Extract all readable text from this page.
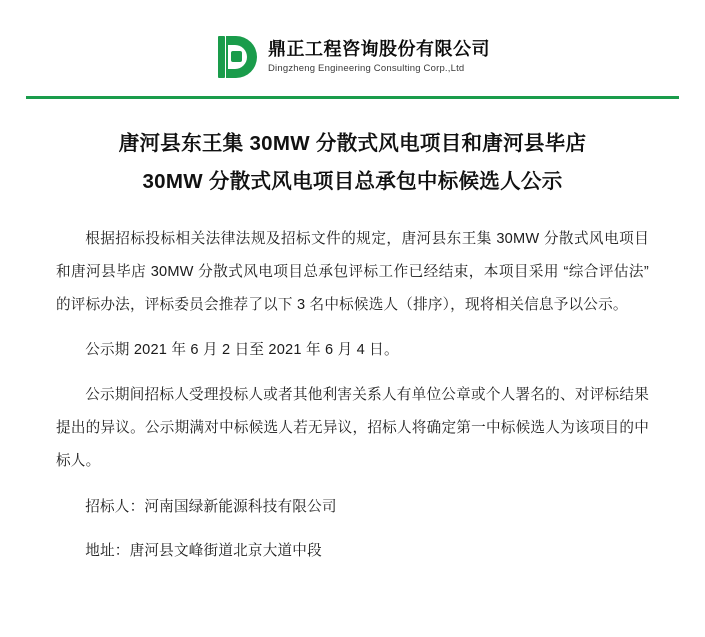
鼎正工程咨询股份有限公司
Dingzheng Engineering Consulting Corp.,Ltd
唐河县东王集 30MW 分散式风电项目和唐河县毕店
30MW 分散式风电项目总承包中标候选人公示

根据招标投标相关法律法规及招标文件的规定，唐河县东王集 30MW 分散式风电项目和唐河县毕店 30MW 分散式风电项目总承包评标工作已经结束，本项目采用 “综合评估法” 的评标办法，评标委员会推荐了以下 3 名中标候选人（排序），现将相关信息予以公示。

公示期 2021 年 6 月 2 日至 2021 年 6 月 4 日。

公示期间招标人受理投标人或者其他利害关系人有单位公章或个人署名的、对评标结果提出的异议。公示期满对中标候选人若无异议，招标人将确定第一中标候选人为该项目的中标人。

招标人：河南国绿新能源科技有限公司

地址：唐河县文峰街道北京大道中段
